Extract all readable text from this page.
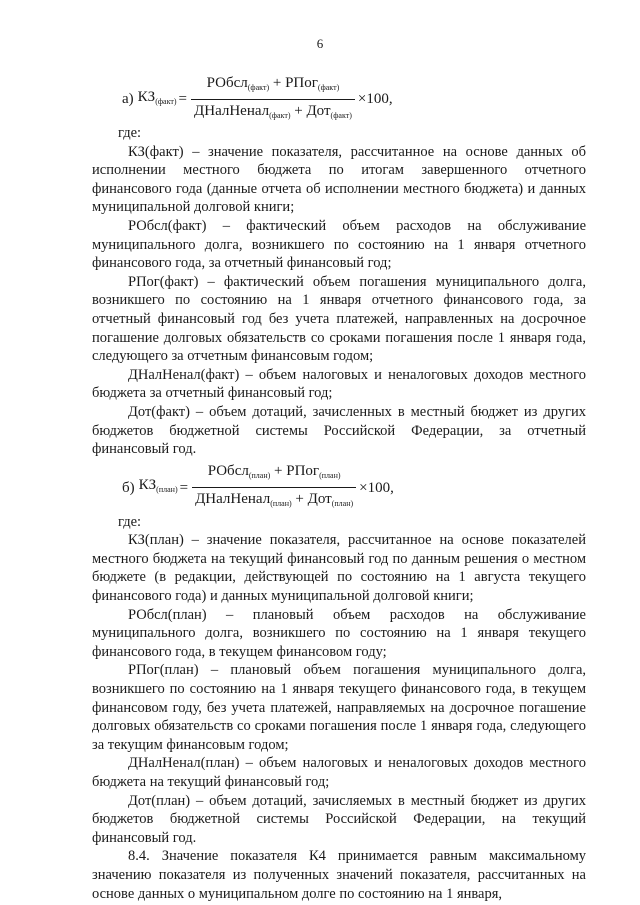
6
а) $КЗ_{(факт)} = \frac{РОбсл_{(факт)} + РПог_{(факт)}}{ДНалНенал_{(факт)} + Дот_{(факт)}} \times 100$,

где:

КЗ(факт) – значение показателя, рассчитанное на основе данных об исполнении местного бюджета по итогам завершенного отчетного финансового года (данные отчета об исполнении местного бюджета) и данных муниципальной долговой книги;

РОбсл(факт) – фактический объем расходов на обслуживание муниципального долга, возникшего по состоянию на 1 января отчетного финансового года, за отчетный финансовый год;

РПог(факт) – фактический объем погашения муниципального долга, возникшего по состоянию на 1 января отчетного финансового года, за отчетный финансовый год без учета платежей, направленных на досрочное погашение долговых обязательств со сроками погашения после 1 января года, следующего за отчетным финансовым годом;

ДНалНенал(факт) – объем налоговых и неналоговых доходов местного бюджета за отчетный финансовый год;

Дот(факт) – объем дотаций, зачисленных в местный бюджет из других бюджетов бюджетной системы Российской Федерации, за отчетный финансовый год.

б) $КЗ_{(план)} = \frac{РОбсл_{(план)} + РПог_{(план)}}{ДНалНенал_{(план)} + Дот_{(план)}} \times 100$,

где:

КЗ(план) – значение показателя, рассчитанное на основе показателей местного бюджета на текущий финансовый год по данным решения о местном бюджете (в редакции, действующей по состоянию на 1 августа текущего финансового года) и данных муниципальной долговой книги;

РОбсл(план) – плановый объем расходов на обслуживание муниципального долга, возникшего по состоянию на 1 января текущего финансового года, в текущем финансовом году;

РПог(план) – плановый объем погашения муниципального долга, возникшего по состоянию на 1 января текущего финансового года, в текущем финансовом году, без учета платежей, направляемых на досрочное погашение долговых обязательств со сроками погашения после 1 января года, следующего за текущим финансовым годом;

ДНалНенал(план) – объем налоговых и неналоговых доходов местного бюджета на текущий финансовый год;

Дот(план) – объем дотаций, зачисляемых в местный бюджет из других бюджетов бюджетной системы Российской Федерации, на текущий финансовый год.

8.4. Значение показателя К4 принимается равным максимальному значению показателя из полученных значений показателя, рассчитанных на основе данных о муниципальном долге по состоянию на 1 января,
